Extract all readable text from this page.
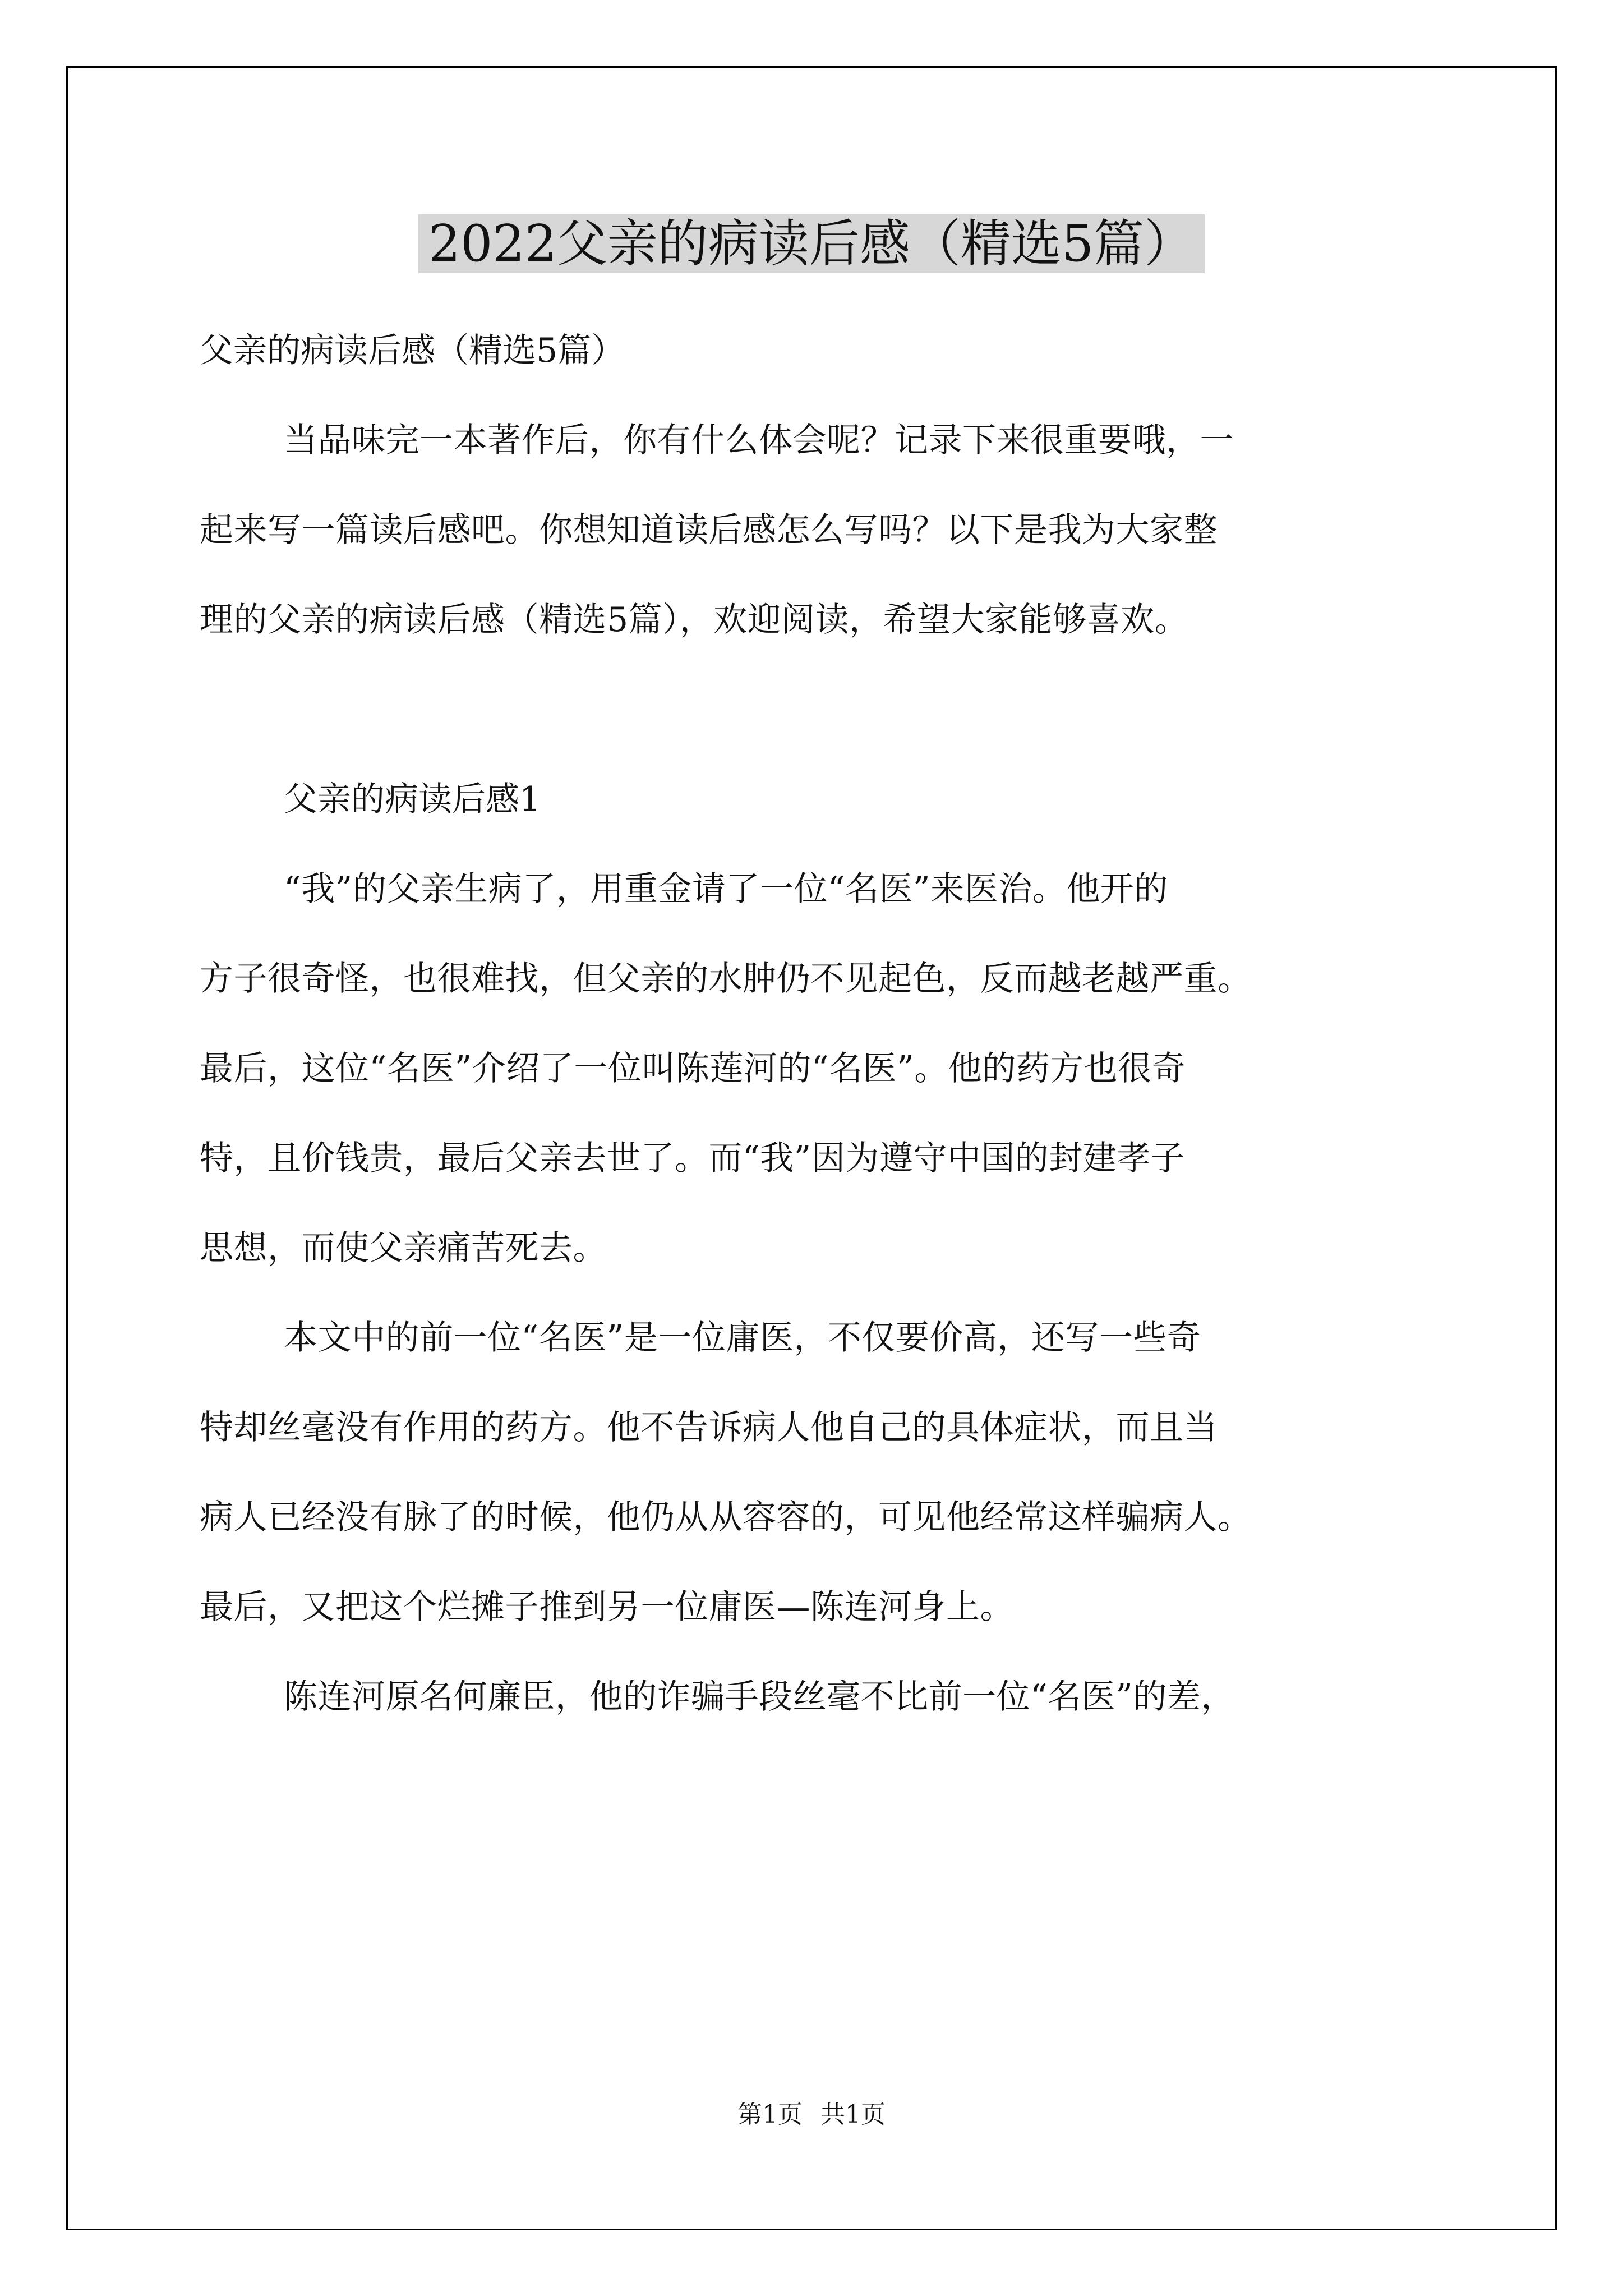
2022父亲的病读后感（精选5篇）

父亲的病读后感（精选5篇）

当品味完一本著作后，你有什么体会呢？记录下来很重要哦，一
起来写一篇读后感吧。你想知道读后感怎么写吗？以下是我为大家整
理的父亲的病读后感（精选5篇），欢迎阅读，希望大家能够喜欢。

父亲的病读后感1

“我”的父亲生病了，用重金请了一位“名医”来医治。他开的
方子很奇怪，也很难找，但父亲的水肿仍不见起色，反而越老越严重。
最后，这位“名医”介绍了一位叫陈莲河的“名医”。他的药方也很奇
特，且价钱贵，最后父亲去世了。而“我”因为遵守中国的封建孝子
思想，而使父亲痛苦死去。

本文中的前一位“名医”是一位庸医，不仅要价高，还写一些奇
特却丝毫没有作用的药方。他不告诉病人他自己的具体症状，而且当
病人已经没有脉了的时候，他仍从从容容的，可见他经常这样骗病人。
最后，又把这个烂摊子推到另一位庸医—陈连河身上。

陈连河原名何廉臣，他的诈骗手段丝毫不比前一位“名医”的差，

第1页 共1页
